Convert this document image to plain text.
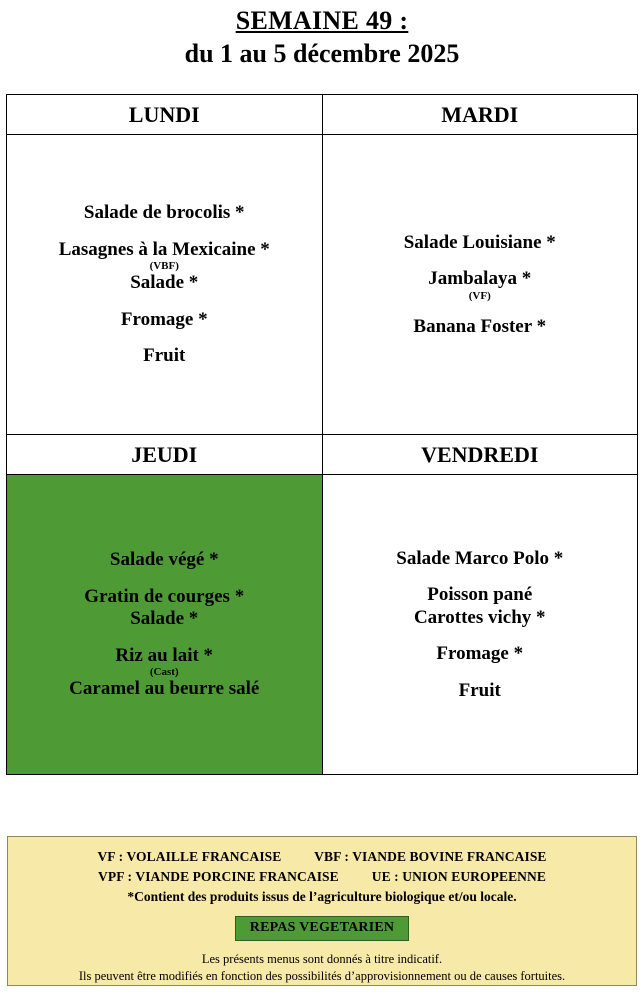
SEMAINE 49 :
du 1 au 5 décembre 2025
LUNDI	MARDI

Salade de brocolis *
Lasagnes à la Mexicaine *
(VBF)
Salade *
Fromage *
Fruit

Salade Louisiane *
Jambalaya *
(VF)
Banana Foster *

JEUDI	VENDREDI

Salade végé *
Gratin de courges *
Salade *
Riz au lait *
(Cast)
Caramel au beurre salé

Salade Marco Polo *
Poisson pané
Carottes vichy *
Fromage *
Fruit
VF : VOLAILLE FRANCAISE VBF : VIANDE BOVINE FRANCAISE
VPF : VIANDE PORCINE FRANCAISE UE : UNION EUROPEENNE
*Contient des produits issus de l’agriculture biologique et/ou locale.
REPAS VEGETARIEN
Les présents menus sont donnés à titre indicatif.
Ils peuvent être modifiés en fonction des possibilités d’approvisionnement ou de causes fortuites.
